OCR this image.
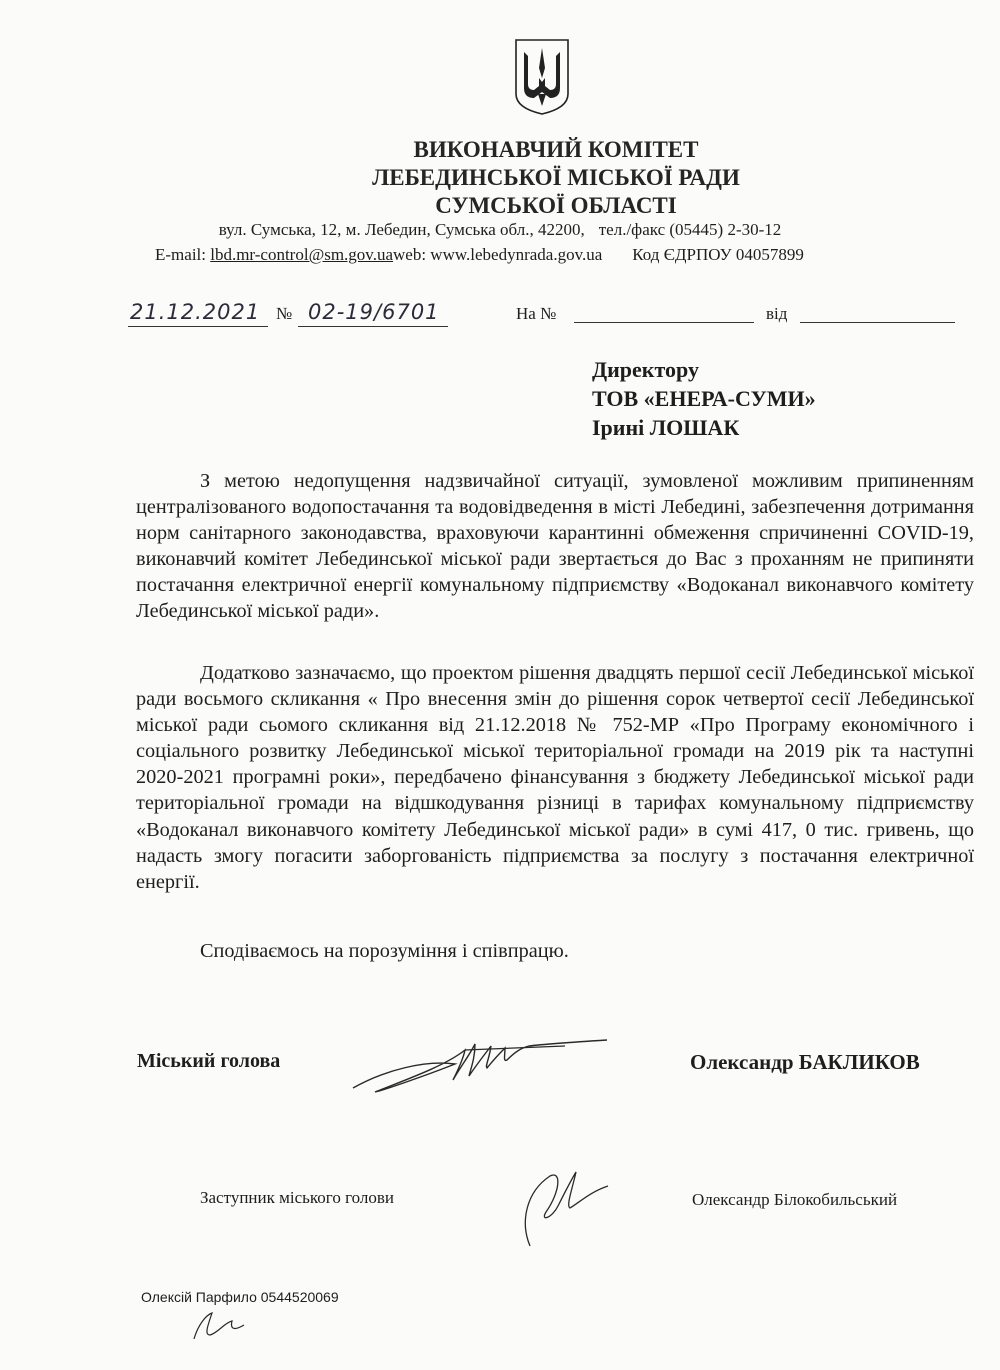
ВИКОНАВЧИЙ КОМІТЕТ
ЛЕБЕДИНСЬКОЇ МІСЬКОЇ РАДИ
СУМСЬКОЇ ОБЛАСТІ
вул. Сумська, 12, м. Лебедин, Сумська обл., 42200, тел./факс (05445) 2-30-12
E-mail: lbd.mr-control@sm.gov.uaweb: www.lebedynrada.gov.ua Код ЄДРПОУ 04057899
21.12.2021 № 02-19/6701	На №	від
Директору
ТОВ «ЕНЕРА-СУМИ»
Ірині ЛОШАК
З метою недопущення надзвичайної ситуації, зумовленої можливим припиненням централізованого водопостачання та водовідведення в місті Лебедині, забезпечення дотримання норм санітарного законодавства, враховуючи карантинні обмеження спричиненні COVID-19, виконавчий комітет Лебединської міської ради звертається до Вас з проханням не припиняти постачання електричної енергії комунальному підприємству «Водоканал виконавчого комітету Лебединської міської ради».
Додатково зазначаємо, що проектом рішення двадцять першої сесії Лебединської міської ради восьмого скликання « Про внесення змін до рішення сорок четвертої сесії Лебединської міської ради сьомого скликання від 21.12.2018 № 752-МР «Про Програму економічного і соціального розвитку Лебединської міської територіальної громади на 2019 рік та наступні 2020-2021 програмні роки», передбачено фінансування з бюджету Лебединської міської ради територіальної громади на відшкодування різниці в тарифах комунальному підприємству «Водоканал виконавчого комітету Лебединської міської ради» в сумі 417, 0 тис. гривень, що надасть змогу погасити заборгованість підприємства за послугу з постачання електричної енергії.
Сподіваємось на порозуміння і співпрацю.
Міський голова	Олександр БАКЛИКОВ
Заступник міського голови	Олександр Білокобильський
Олексій Парфило 0544520069
